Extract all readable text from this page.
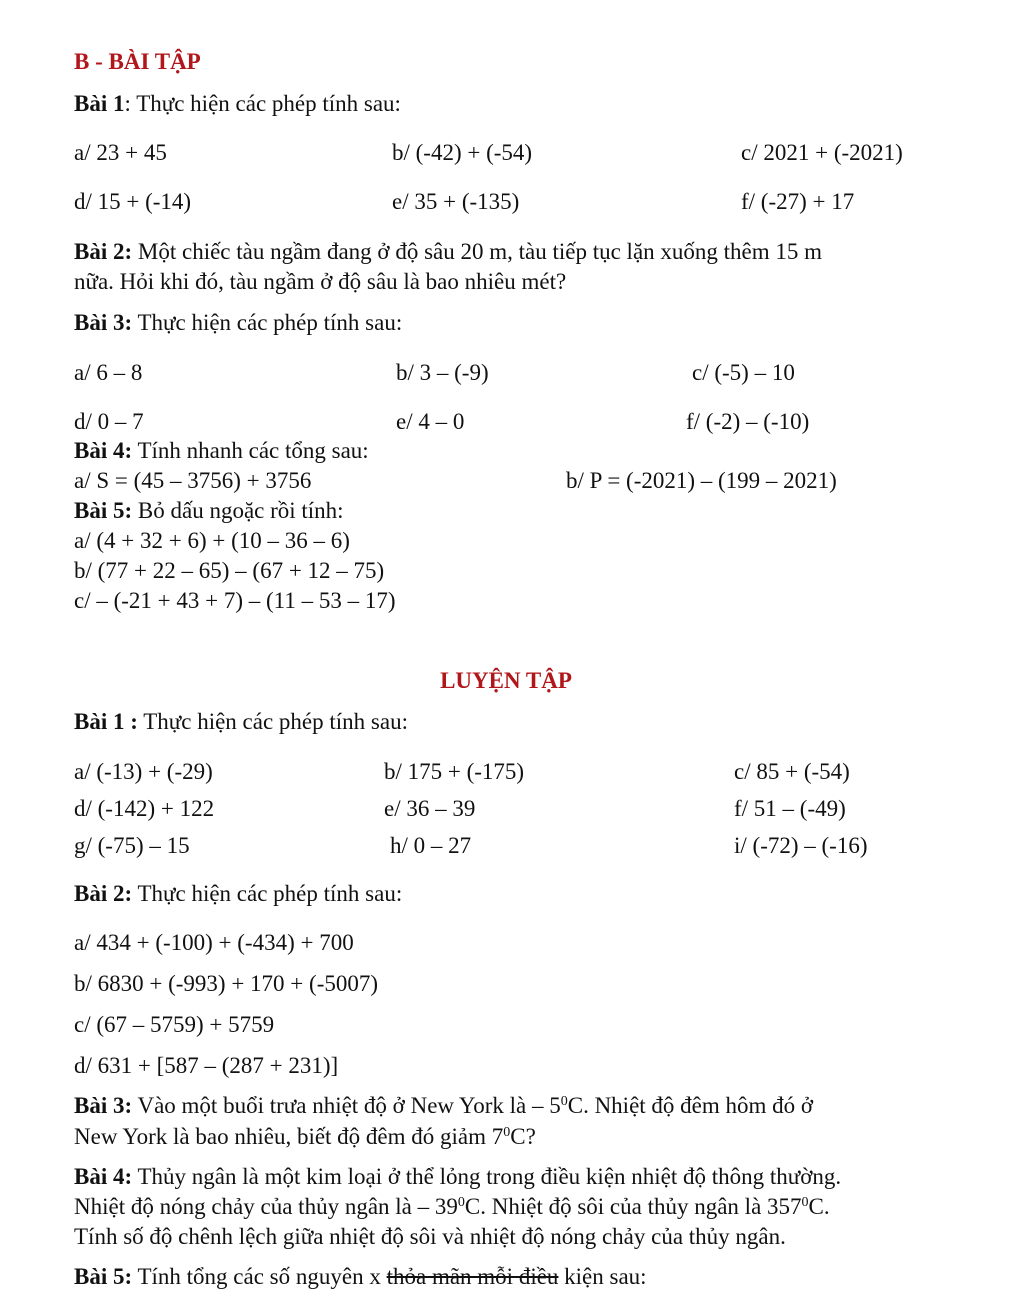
B - BÀI TẬP
Bài 1: Thực hiện các phép tính sau:
a/ 23 + 45	b/ (-42) + (-54)	c/ 2021 + (-2021)
d/ 15 + (-14)	e/ 35 + (-135)	f/ (-27) + 17
Bài 2: Một chiếc tàu ngầm đang ở độ sâu 20 m, tàu tiếp tục lặn xuống thêm 15 m
nữa. Hỏi khi đó, tàu ngầm ở độ sâu là bao nhiêu mét?
Bài 3: Thực hiện các phép tính sau:
a/ 6 – 8	b/ 3 – (-9)	c/ (-5) – 10
d/ 0 – 7	e/ 4 – 0	f/ (-2) – (-10)
Bài 4: Tính nhanh các tổng sau:
a/ S = (45 – 3756) + 3756	b/ P = (-2021) – (199 – 2021)
Bài 5: Bỏ dấu ngoặc rồi tính:
a/ (4 + 32 + 6) + (10 – 36 – 6)
b/ (77 + 22 – 65) – (67 + 12 – 75)
c/ – (-21 + 43 + 7) – (11 – 53 – 17)
LUYỆN TẬP
Bài 1 : Thực hiện các phép tính sau:
a/ (-13) + (-29)	b/ 175 + (-175)	c/ 85 + (-54)
d/ (-142) + 122	e/ 36 – 39	f/ 51 – (-49)
g/ (-75) – 15	h/ 0 – 27	i/ (-72) – (-16)
Bài 2: Thực hiện các phép tính sau:
a/ 434 + (-100) + (-434) + 700
b/ 6830 + (-993) + 170 + (-5007)
c/ (67 – 5759) + 5759
d/ 631 + [587 – (287 + 231)]
Bài 3: Vào một buổi trưa nhiệt độ ở New York là – $5^0C$. Nhiệt độ đêm hôm đó ở
New York là bao nhiêu, biết độ đêm đó giảm $7^0C$?
Bài 4: Thủy ngân là một kim loại ở thể lỏng trong điều kiện nhiệt độ thông thường.
Nhiệt độ nóng chảy của thủy ngân là – $39^0C$. Nhiệt độ sôi của thủy ngân là $357^0C$.
Tính số độ chênh lệch giữa nhiệt độ sôi và nhiệt độ nóng chảy của thủy ngân.
Bài 5: Tính tổng các số nguyên x thỏa mãn mỗi điều kiện sau:
